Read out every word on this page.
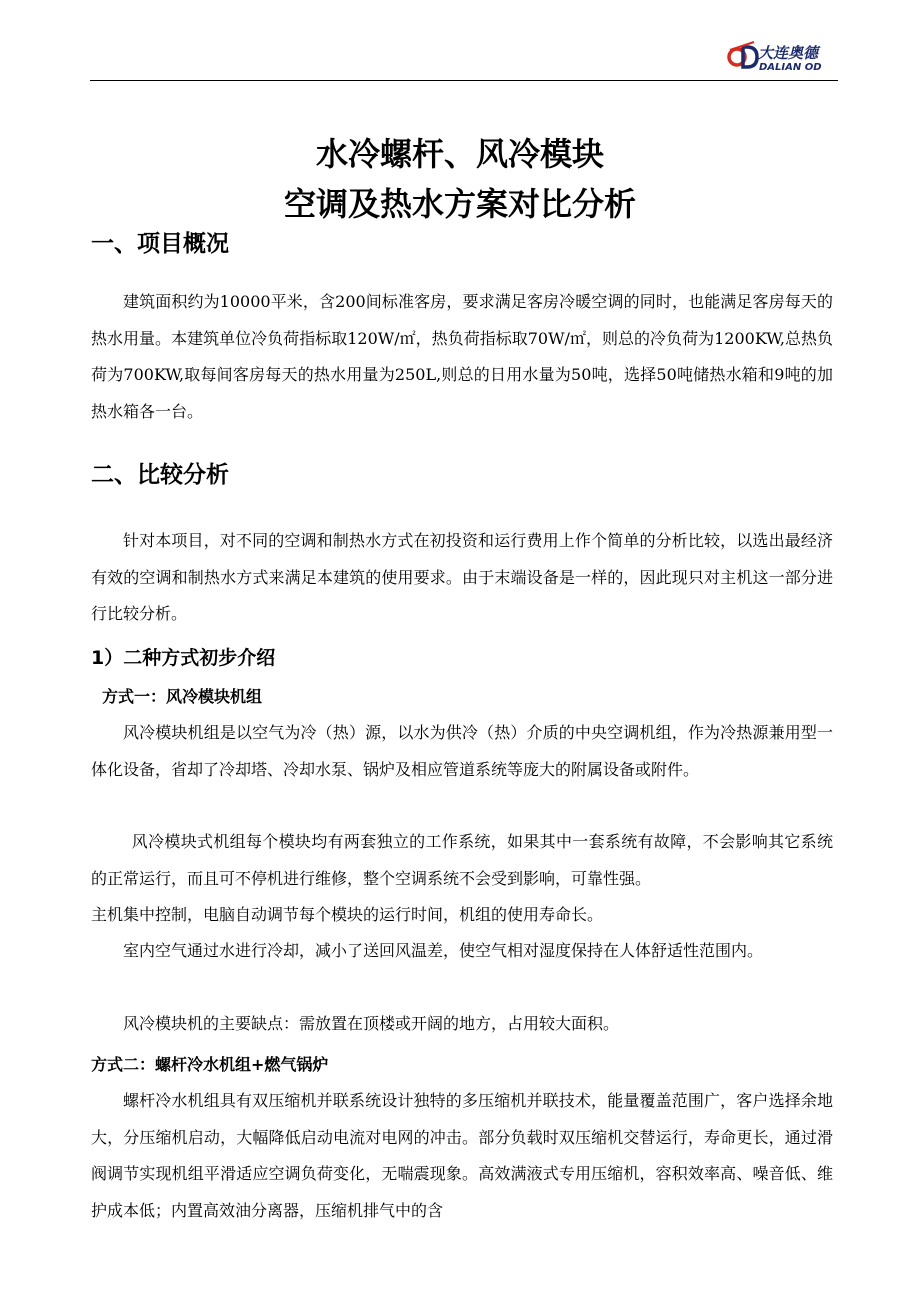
大连奥德
DALIAN OD
水冷螺杆、风冷模块
空调及热水方案对比分析
一、项目概况
建筑面积约为10000平米，含200间标准客房，要求满足客房冷暖空调的同时，也能满足客房每天的热水用量。本建筑单位冷负荷指标取120W/㎡，热负荷指标取70W/㎡，则总的冷负荷为1200KW,总热负荷为700KW,取每间客房每天的热水用量为250L,则总的日用水量为50吨，选择50吨储热水箱和9吨的加热水箱各一台。
二、比较分析
针对本项目，对不同的空调和制热水方式在初投资和运行费用上作个简单的分析比较，以选出最经济有效的空调和制热水方式来满足本建筑的使用要求。由于末端设备是一样的，因此现只对主机这一部分进行比较分析。
1）二种方式初步介绍
方式一：风冷模块机组
风冷模块机组是以空气为冷（热）源，以水为供冷（热）介质的中央空调机组，作为冷热源兼用型一体化设备，省却了冷却塔、冷却水泵、锅炉及相应管道系统等庞大的附属设备或附件。
风冷模块式机组每个模块均有两套独立的工作系统，如果其中一套系统有故障，不会影响其它系统的正常运行，而且可不停机进行维修，整个空调系统不会受到影响，可靠性强。
主机集中控制，电脑自动调节每个模块的运行时间，机组的使用寿命长。
室内空气通过水进行冷却，减小了送回风温差，使空气相对湿度保持在人体舒适性范围内。
风冷模块机的主要缺点：需放置在顶楼或开阔的地方，占用较大面积。
方式二：螺杆冷水机组+燃气锅炉
螺杆冷水机组具有双压缩机并联系统设计独特的多压缩机并联技术，能量覆盖范围广，客户选择余地大，分压缩机启动，大幅降低启动电流对电网的冲击。部分负载时双压缩机交替运行，寿命更长，通过滑阀调节实现机组平滑适应空调负荷变化，无喘震现象。高效满液式专用压缩机，容积效率高、噪音低、维护成本低；内置高效油分离器，压缩机排气中的含
